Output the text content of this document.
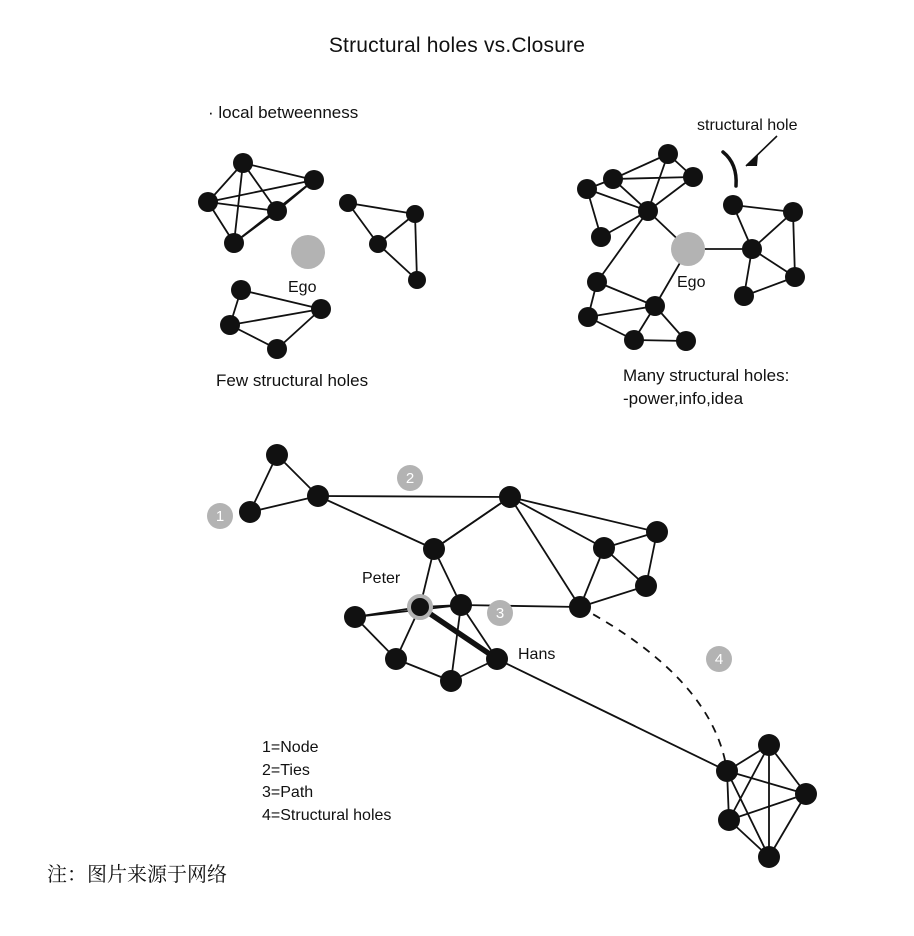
1
2
3
4
Structural holes vs.Closure
· local betweenness
Ego	Ego
Few structural holes	Many structural holes:
-power,info,idea
structural hole
Peter
Hans
1=Node
2=Ties
3=Path
4=Structural holes
注：图片来源于网络
